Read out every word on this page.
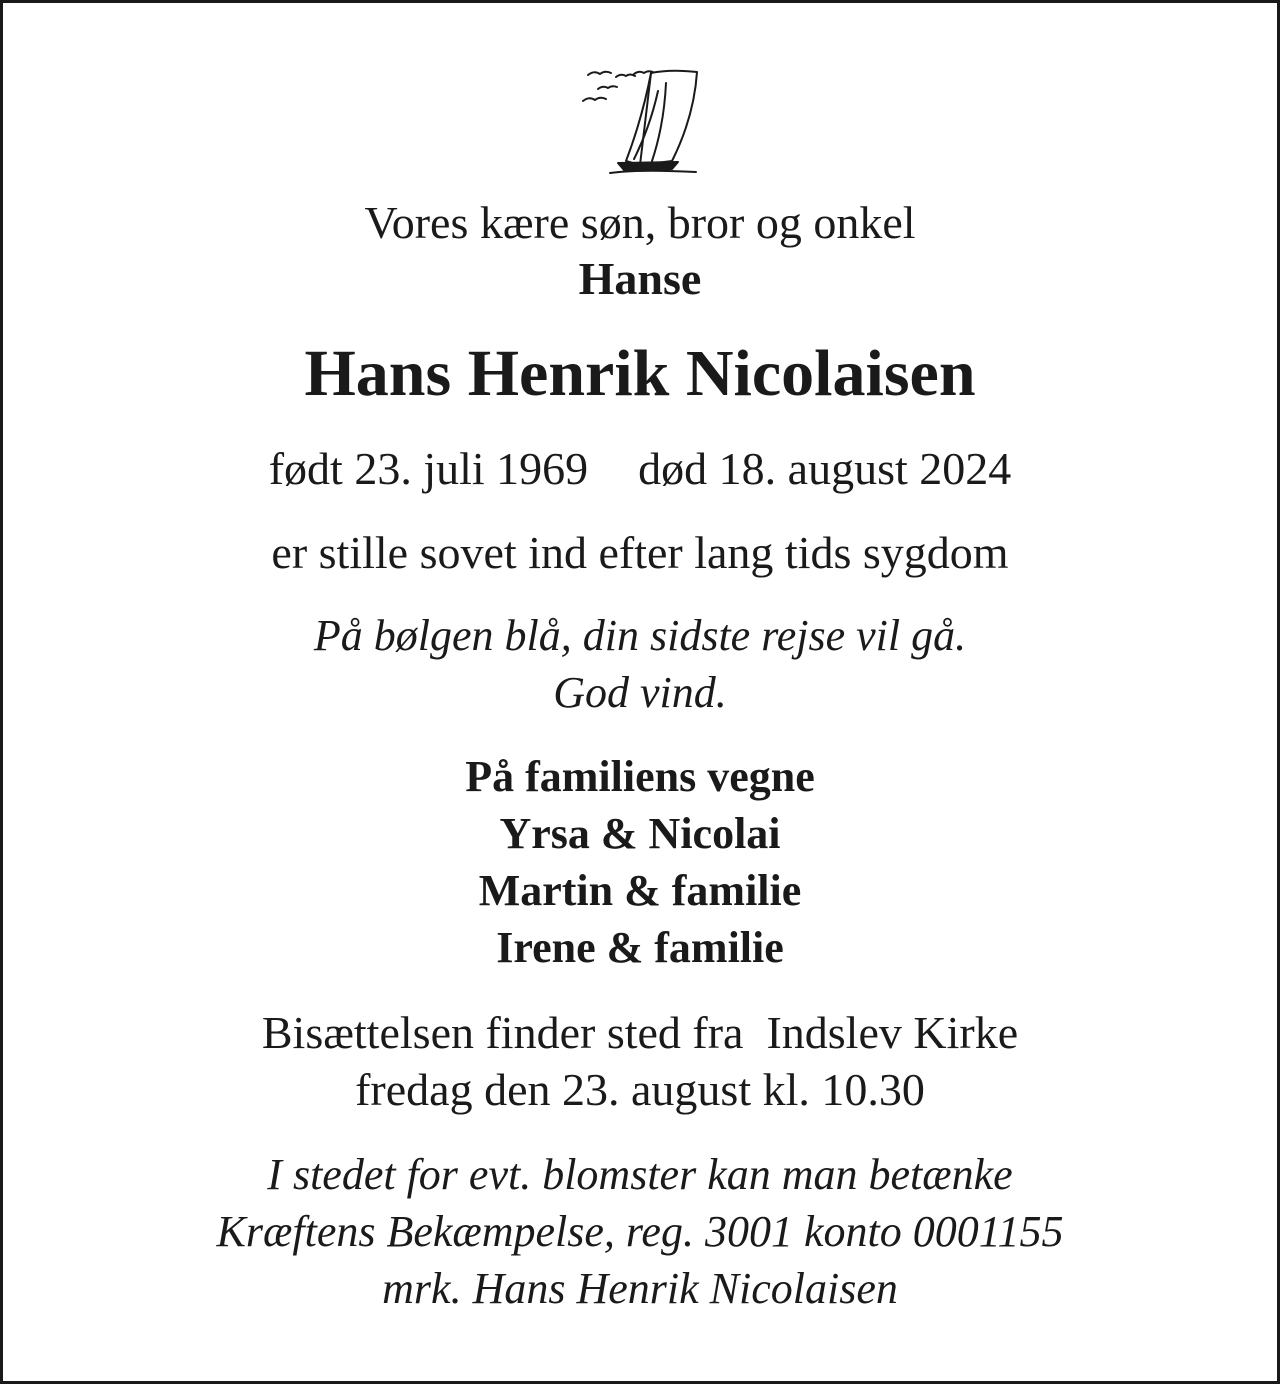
Vores kære søn, bror og onkel
Hanse
Hans Henrik Nicolaisen
født 23. juli 1969 død 18. august 2024
er stille sovet ind efter lang tids sygdom
På bølgen blå, din sidste rejse vil gå.
God vind.
På familiens vegne
Yrsa & Nicolai
Martin & familie
Irene & familie
Bisættelsen finder sted fra  Indslev Kirke
fredag den 23. august kl. 10.30
I stedet for evt. blomster kan man betænke
Kræftens Bekæmpelse, reg. 3001 konto 0001155
mrk. Hans Henrik Nicolaisen
